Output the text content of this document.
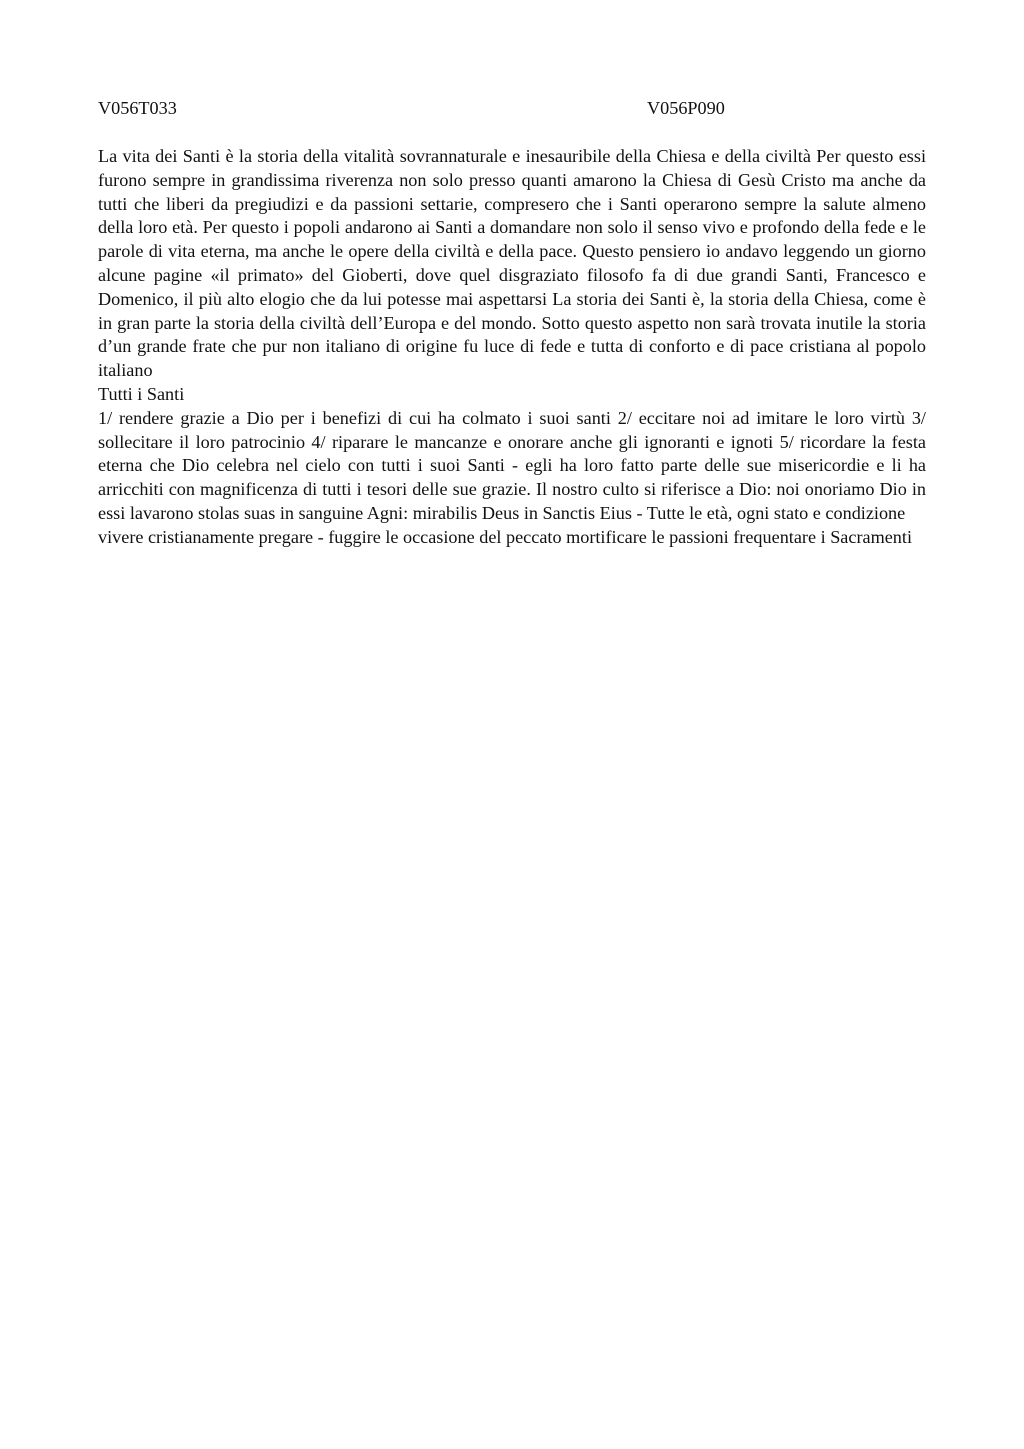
V056T033	V056P090

La vita dei Santi è la storia della vitalità sovrannaturale e inesauribile della Chiesa e della civiltà Per questo essi furono sempre in grandissima riverenza non solo presso quanti amarono la Chiesa di Gesù Cristo ma anche da tutti che liberi da pregiudizi e da passioni settarie, compresero che i Santi operarono sempre la salute almeno della loro età. Per questo i popoli andarono ai Santi a domandare non solo il senso vivo e profondo della fede e le parole di vita eterna, ma anche le opere della civiltà e della pace. Questo pensiero io andavo leggendo un giorno alcune pagine «il primato» del Gioberti, dove quel disgraziato filosofo fa di due grandi Santi, Francesco e Domenico, il più alto elogio che da lui potesse mai aspettarsi La storia dei Santi è, la storia della Chiesa, come è in gran parte la storia della civiltà dell’Europa e del mondo. Sotto questo aspetto non sarà trovata inutile la storia d’un grande frate che pur non italiano di origine fu luce di fede e tutta di conforto e di pace cristiana al popolo italiano

Tutti i Santi

1/ rendere grazie a Dio per i benefizi di cui ha colmato i suoi santi 2/ eccitare noi ad imitare le loro virtù 3/ sollecitare il loro patrocinio 4/ riparare le mancanze e onorare anche gli ignoranti e ignoti 5/ ricordare la festa eterna che Dio celebra nel cielo con tutti i suoi Santi - egli ha loro fatto parte delle sue misericordie e li ha arricchiti con magnificenza di tutti i tesori delle sue grazie. Il nostro culto si riferisce a Dio: noi onoriamo Dio in essi lavarono stolas suas in sanguine Agni: mirabilis Deus in Sanctis Eius - Tutte le età, ogni stato e condizione

vivere cristianamente pregare - fuggire le occasione del peccato mortificare le passioni frequentare i Sacramenti
